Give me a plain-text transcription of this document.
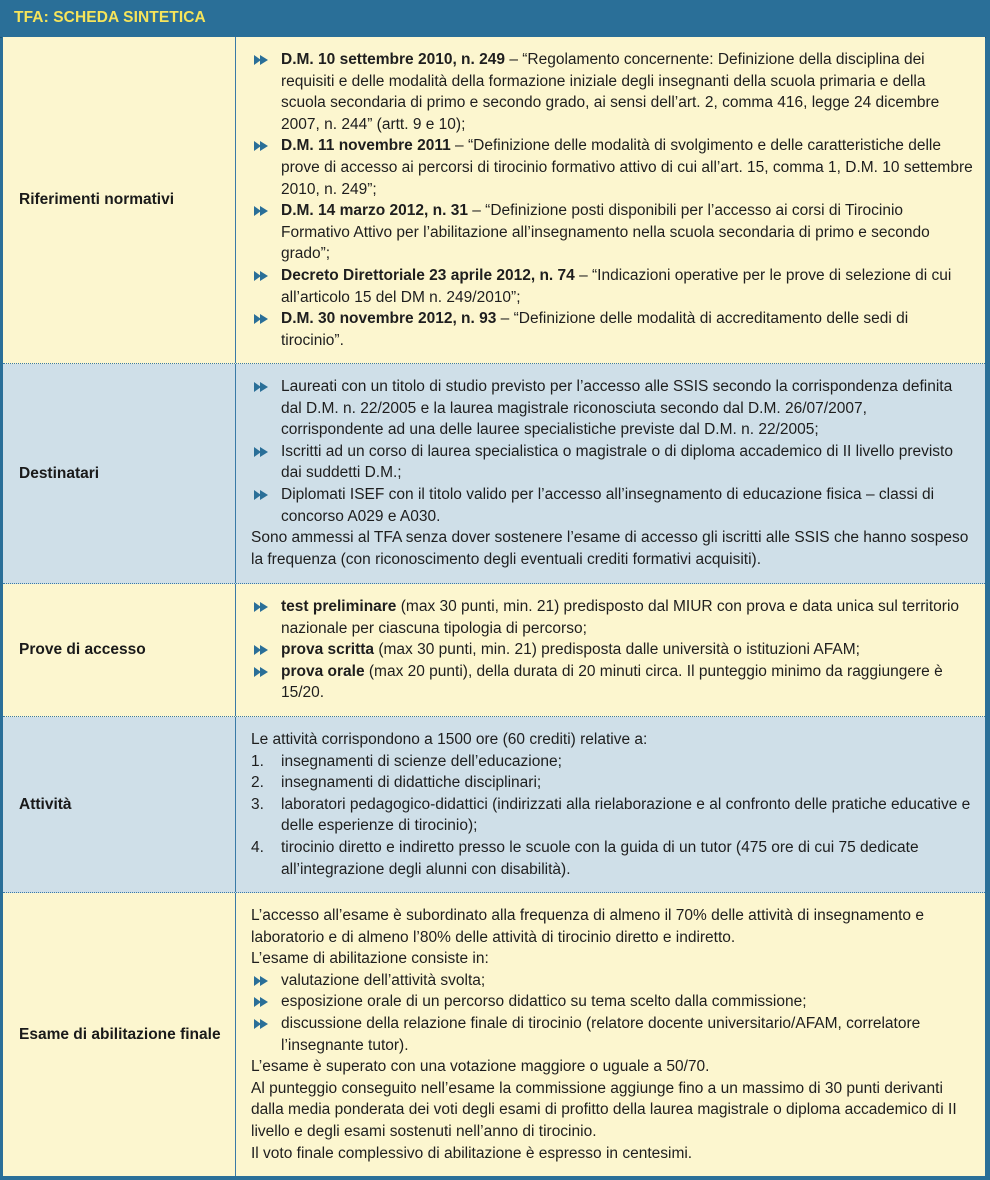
TFA: SCHEDA SINTETICA
Riferimenti normativi
D.M. 10 settembre 2010, n. 249 – “Regolamento concernente: Definizione della disciplina dei requisiti e delle modalità della formazione iniziale degli insegnanti della scuola primaria e della scuola secondaria di primo e secondo grado, ai sensi dell’art. 2, comma 416, legge 24 dicembre 2007, n. 244” (artt. 9 e 10);
D.M. 11 novembre 2011 – “Definizione delle modalità di svolgimento e delle caratteristiche delle prove di accesso ai percorsi di tirocinio formativo attivo di cui all’art. 15, comma 1, D.M. 10 settembre 2010, n. 249”;
D.M. 14 marzo 2012, n. 31 – “Definizione posti disponibili per l’accesso ai corsi di Tirocinio Formativo Attivo per l’abilitazione all’insegnamento nella scuola secondaria di primo e secondo grado”;
Decreto Direttoriale 23 aprile 2012, n. 74 – “Indicazioni operative per le prove di selezione di cui all’articolo 15 del DM n. 249/2010”;
D.M. 30 novembre 2012, n. 93 – “Definizione delle modalità di accreditamento delle sedi di tirocinio”.
Destinatari
Laureati con un titolo di studio previsto per l’accesso alle SSIS secondo la corrispondenza definita dal D.M. n. 22/2005 e la laurea magistrale riconosciuta secondo dal D.M. 26/07/2007, corrispondente ad una delle lauree specialistiche previste dal D.M. n. 22/2005;
Iscritti ad un corso di laurea specialistica o magistrale o di diploma accademico di II livello previsto dai suddetti D.M.;
Diplomati ISEF con il titolo valido per l’accesso all’insegnamento di educazione fisica – classi di concorso A029 e A030.

Sono ammessi al TFA senza dover sostenere l’esame di accesso gli iscritti alle SSIS che hanno sospeso la frequenza (con riconoscimento degli eventuali crediti formativi acquisiti).

Prove di accesso
test preliminare (max 30 punti, min. 21) predisposto dal MIUR con prova e data unica sul territorio nazionale per ciascuna tipologia di percorso;
prova scritta (max 30 punti, min. 21) predisposta dalle università o istituzioni AFAM;
prova orale (max 20 punti), della durata di 20 minuti circa. Il punteggio minimo da raggiungere è 15/20.
Attività

Le attività corrispondono a 1500 ore (60 crediti) relative a:

1. insegnamenti di scienze dell’educazione;
2. insegnamenti di didattiche disciplinari;
3. laboratori pedagogico-didattici (indirizzati alla rielaborazione e al confronto delle pratiche educative e delle esperienze di tirocinio);
4. tirocinio diretto e indiretto presso le scuole con la guida di un tutor (475 ore di cui 75 dedicate all’integrazione degli alunni con disabilità).
Esame di abilitazione finale

L’accesso all’esame è subordinato alla frequenza di almeno il 70% delle attività di insegnamento e laboratorio e di almeno l’80% delle attività di tirocinio diretto e indiretto.

L’esame di abilitazione consiste in:

valutazione dell’attività svolta;
esposizione orale di un percorso didattico su tema scelto dalla commissione;
discussione della relazione finale di tirocinio (relatore docente universitario/AFAM, correlatore l’insegnante tutor).

L’esame è superato con una votazione maggiore o uguale a 50/70.

Al punteggio conseguito nell’esame la commissione aggiunge fino a un massimo di 30 punti derivanti dalla media ponderata dei voti degli esami di profitto della laurea magistrale o diploma accademico di II livello e degli esami sostenuti nell’anno di tirocinio.

Il voto finale complessivo di abilitazione è espresso in centesimi.
